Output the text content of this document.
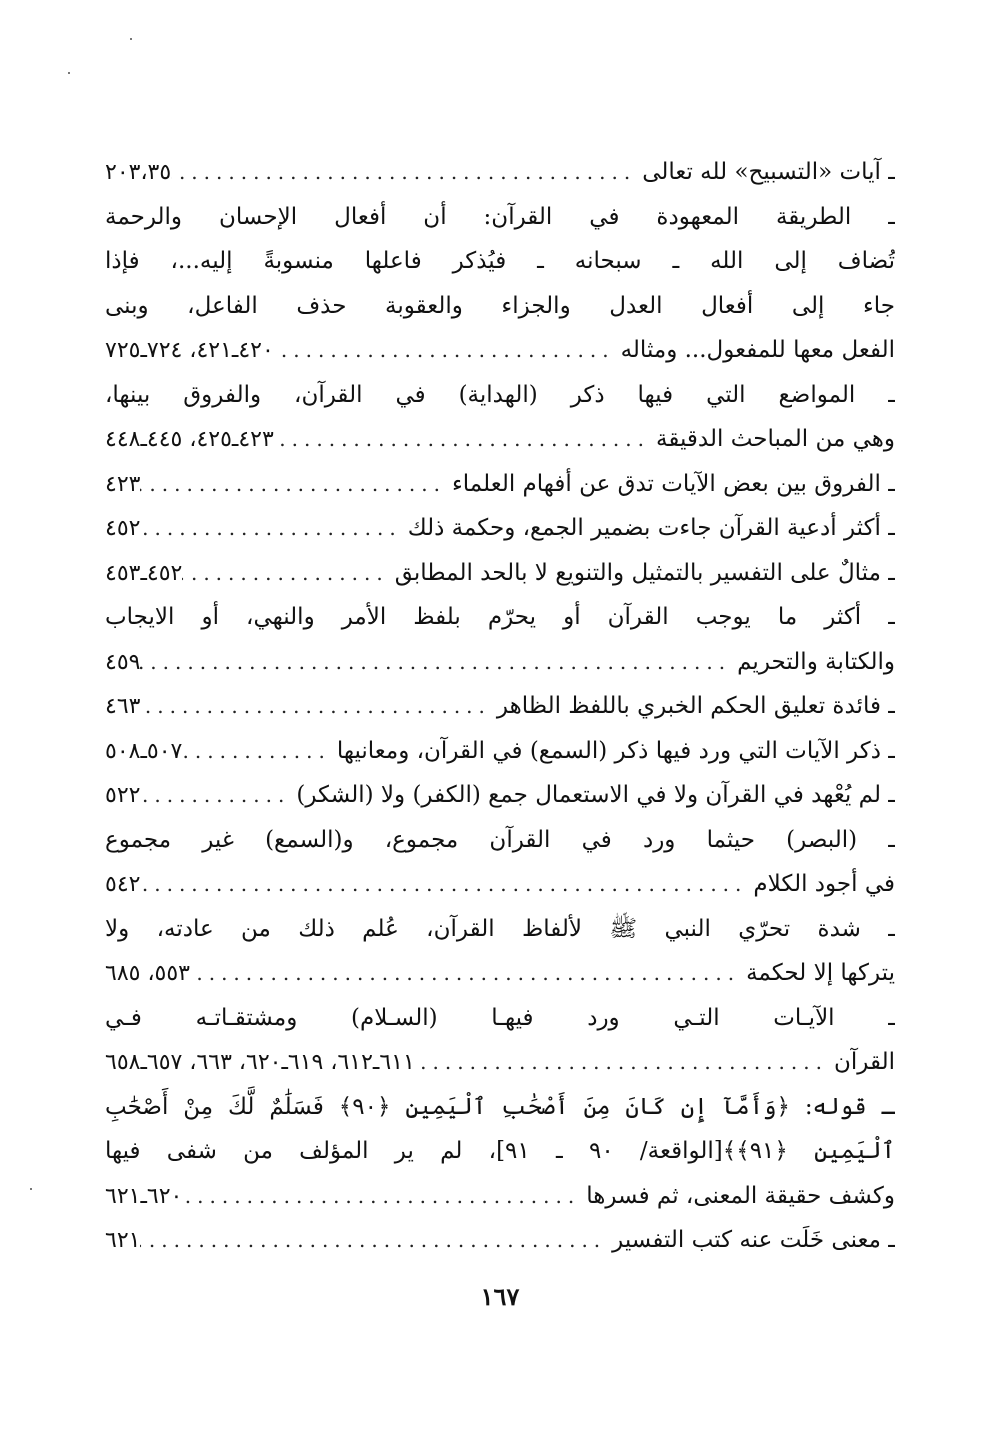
ـ آيات «التسبيح» لله تعالى
.....
٢٠٣،٣٥
ـ الطريقة المعهودة في القرآن: أن أفعال الإحسان والرحمة
تُضاف إلى الله ـ سبحانه ـ فيُذكر فاعلها منسوبةً إليه...، فإذا
جاء إلى أفعال العدل والجزاء والعقوبة حذف الفاعل، وبنى
الفعل معها للمفعول... ومثاله
.....
٤٢٠ـ٤٢١، ٧٢٤ـ٧٢٥
ـ المواضع التي فيها ذكر (الهداية) في القرآن، والفروق بينها،
وهي من المباحث الدقيقة
.....
٤٢٣ـ٤٢٥، ٤٤٥ـ٤٤٨
ـ الفروق بين بعض الآيات تدق عن أفهام العلماء
.....
٤٢٣
ـ أكثر أدعية القرآن جاءت بضمير الجمع، وحكمة ذلك
.....
٤٥٢
ـ مثالٌ على التفسير بالتمثيل والتنويع لا بالحد المطابق
.....
٤٥٢ـ٤٥٣
ـ أكثر ما يوجب القرآن أو يحرّم بلفظ الأمر والنهي، أو الايجاب
والكتابة والتحريم
.....
٤٥٩
ـ فائدة تعليق الحكم الخبري باللفظ الظاهر
.....
٤٦٣
ـ ذكر الآيات التي ورد فيها ذكر (السمع) في القرآن، ومعانيها
.....
٥٠٧ـ٥٠٨
ـ لم يُعْهد في القرآن ولا في الاستعمال جمع (الكفر) ولا (الشكر)
.....
٥٢٢
ـ (البصر) حيثما ورد في القرآن مجموع، و(السمع) غير مجموع
في أجود الكلام
.....
٥٤٢
ـ شدة تحرّي النبي ﷺ لألفاظ القرآن، عُلم ذلك من عادته، ولا
يتركها إلا لحكمة
.....
٥٥٣، ٦٨٥
ـ الآيـات التـي ورد فيهـا (السـلام) ومشتقـاتـه فـي
القرآن
.....
٦١١ـ٦١٢، ٦١٩ـ٦٢٠، ٦٦٣، ٦٥٧ـ٦٥٨
ـ قوله: ﴿وَأَمَّآ إِن كَانَ مِنَ أَصْحَٰبِ ٱلْيَمِينِ ﴿٩٠﴾ فَسَلَٰمٌ لَّكَ مِنْ أَصْحَٰبِ
ٱلْيَمِينِ ﴿٩١﴾﴾[الواقعة/ ٩٠ ـ ٩١]، لم ير المؤلف من شفى فيها
وكشف حقيقة المعنى، ثم فسرها
.....
٦٢٠ـ٦٢١
ـ معنى خَلَت عنه كتب التفسير
.....
٦٢١
١٦٧
